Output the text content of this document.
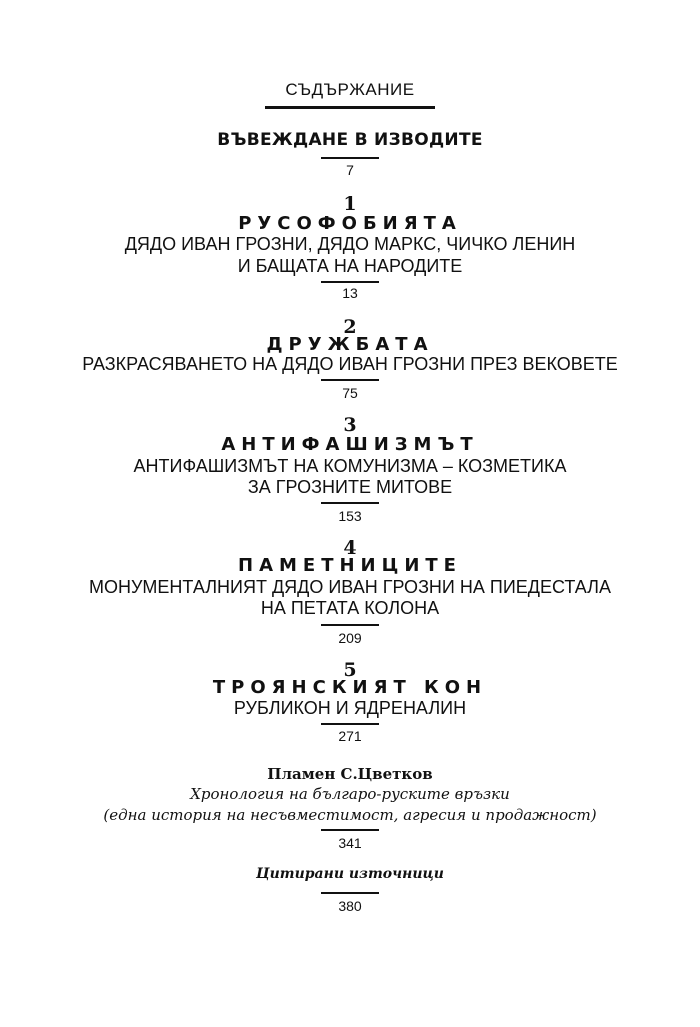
СЪДЪРЖАНИЕ
ВЪВЕЖДАНЕ В ИЗВОДИТЕ
7
1
РУСОФОБИЯТА
ДЯДО ИВАН ГРОЗНИ, ДЯДО МАРКС, ЧИЧКО ЛЕНИН
И БАЩАТА НА НАРОДИТЕ
13
2
ДРУЖБАТА
РАЗКРАСЯВАНЕТО НА ДЯДО ИВАН ГРОЗНИ ПРЕЗ ВЕКОВЕТЕ
75
3
АНТИФАШИЗМЪТ
АНТИФАШИЗМЪТ НА КОМУНИЗМА – КОЗМЕТИКА
ЗА ГРОЗНИТЕ МИТОВЕ
153
4
ПАМЕТНИЦИТЕ
МОНУМЕНТАЛНИЯТ ДЯДО ИВАН ГРОЗНИ НА ПИЕДЕСТАЛА
НА ПЕТАТА КОЛОНА
209
5
ТРОЯНСКИЯТ КОН
РУБЛИКОН И ЯДРЕНАЛИН
271
Пламен С.Цветков
Хронология на българо-руските връзки
(една история на несъвместимост, агресия и продажност)
341
Цитирани източници
380
